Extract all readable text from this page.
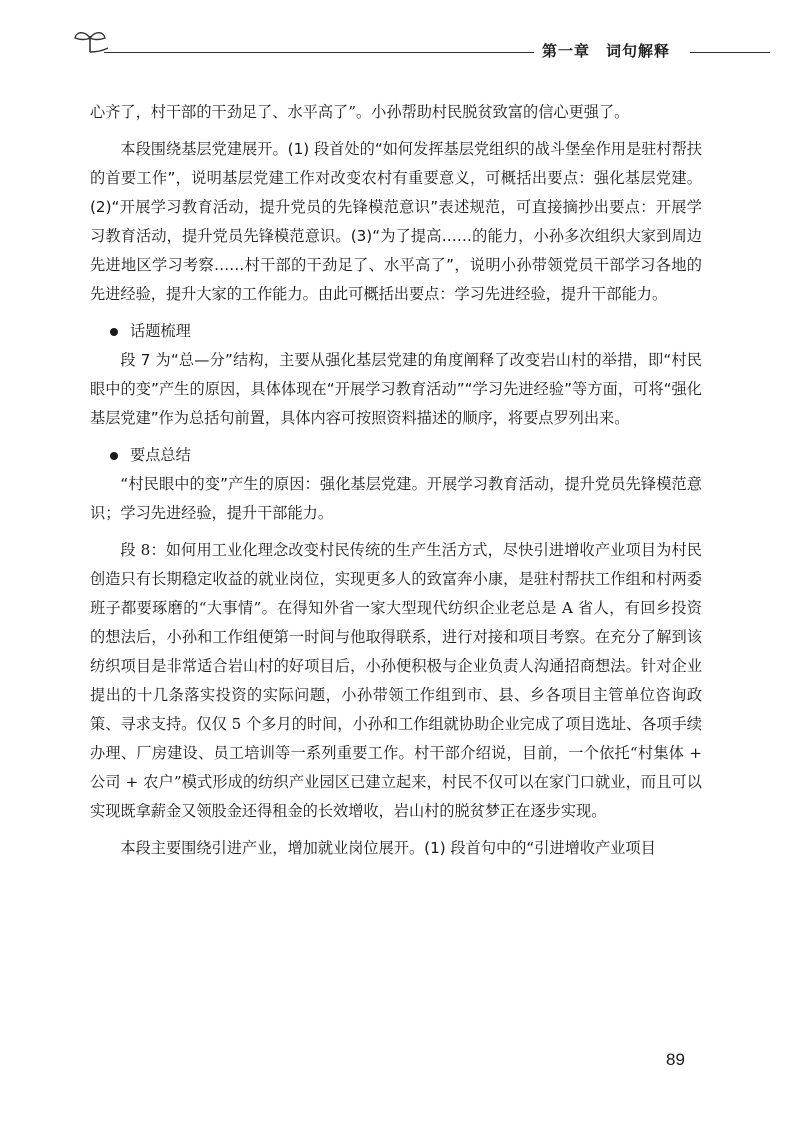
第一章　词句解释

心齐了，村干部的干劲足了、水平高了”。小孙帮助村民脱贫致富的信心更强了。

本段围绕基层党建展开。(1) 段首处的“如何发挥基层党组织的战斗堡垒作用是驻村帮扶的首要工作”，说明基层党建工作对改变农村有重要意义，可概括出要点：强化基层党建。(2)“开展学习教育活动，提升党员的先锋模范意识”表述规范，可直接摘抄出要点：开展学习教育活动，提升党员先锋模范意识。(3)“为了提高……的能力，小孙多次组织大家到周边先进地区学习考察……村干部的干劲足了、水平高了”，说明小孙带领党员干部学习各地的先进经验，提升大家的工作能力。由此可概括出要点：学习先进经验，提升干部能力。

话题梳理

段 7 为“总—分”结构，主要从强化基层党建的角度阐释了改变岩山村的举措，即“村民眼中的变”产生的原因，具体体现在“开展学习教育活动”“学习先进经验”等方面，可将“强化基层党建”作为总括句前置，具体内容可按照资料描述的顺序，将要点罗列出来。

要点总结

“村民眼中的变”产生的原因：强化基层党建。开展学习教育活动，提升党员先锋模范意识；学习先进经验，提升干部能力。

段 8：如何用工业化理念改变村民传统的生产生活方式，尽快引进增收产业项目为村民创造只有长期稳定收益的就业岗位，实现更多人的致富奔小康，是驻村帮扶工作组和村两委班子都要琢磨的“大事情”。在得知外省一家大型现代纺织企业老总是 A 省人，有回乡投资的想法后，小孙和工作组便第一时间与他取得联系，进行对接和项目考察。在充分了解到该纺织项目是非常适合岩山村的好项目后，小孙便积极与企业负责人沟通招商想法。针对企业提出的十几条落实投资的实际问题，小孙带领工作组到市、县、乡各项目主管单位咨询政策、寻求支持。仅仅 5 个多月的时间，小孙和工作组就协助企业完成了项目选址、各项手续办理、厂房建设、员工培训等一系列重要工作。村干部介绍说，目前，一个依托“村集体 + 公司 + 农户”模式形成的纺织产业园区已建立起来，村民不仅可以在家门口就业，而且可以实现既拿薪金又领股金还得租金的长效增收，岩山村的脱贫梦正在逐步实现。

本段主要围绕引进产业，增加就业岗位展开。(1) 段首句中的“引进增收产业项目

89
